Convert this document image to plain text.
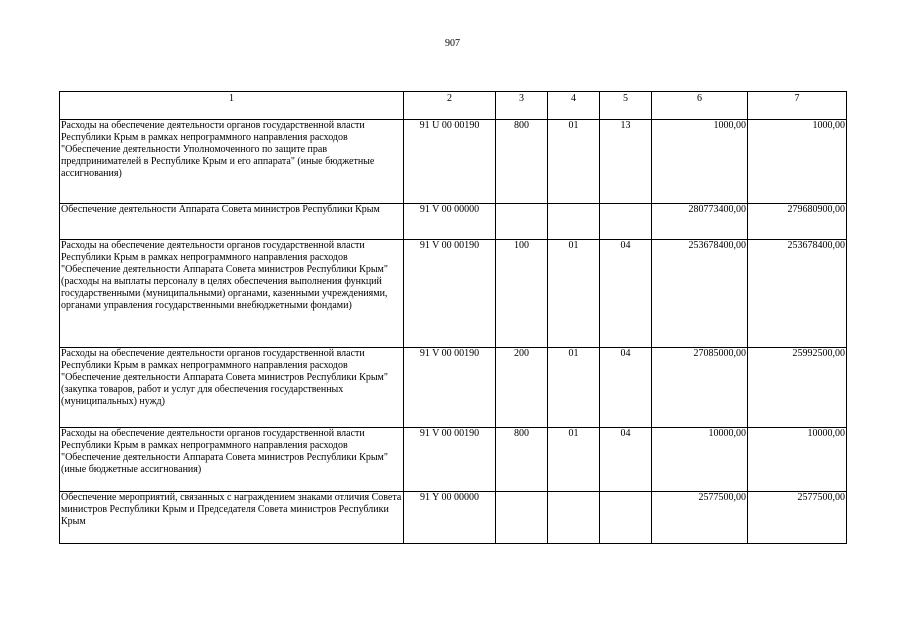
907
1	2	3	4	5	6	7
Расходы на обеспечение деятельности органов государственной власти Республики Крым в рамках непрограммного направления расходов "Обеспечение деятельности Уполномоченного по защите прав предпринимателей в Республике Крым и его аппарата" (иные бюджетные ассигнования)	91 U 00 00190	800	01	13	1000,00	1000,00
Обеспечение деятельности Аппарата Совета министров Республики Крым	91 V 00 00000				280773400,00	279680900,00
Расходы на обеспечение деятельности органов государственной власти Республики Крым в рамках непрограммного направления расходов "Обеспечение деятельности Аппарата Совета министров Республики Крым" (расходы на выплаты персоналу в целях обеспечения выполнения функций государственными (муниципальными) органами, казенными учреждениями, органами управления государственными внебюджетными фондами)	91 V 00 00190	100	01	04	253678400,00	253678400,00
Расходы на обеспечение деятельности органов государственной власти Республики Крым в рамках непрограммного направления расходов "Обеспечение деятельности Аппарата Совета министров Республики Крым" (закупка товаров, работ и услуг для обеспечения государственных (муниципальных) нужд)	91 V 00 00190	200	01	04	27085000,00	25992500,00
Расходы на обеспечение деятельности органов государственной власти Республики Крым в рамках непрограммного направления расходов "Обеспечение деятельности Аппарата Совета министров Республики Крым" (иные бюджетные ассигнования)	91 V 00 00190	800	01	04	10000,00	10000,00
Обеспечение мероприятий, связанных с награждением знаками отличия Совета министров Республики Крым и Председателя Совета министров Республики Крым	91 Y 00 00000				2577500,00	2577500,00
